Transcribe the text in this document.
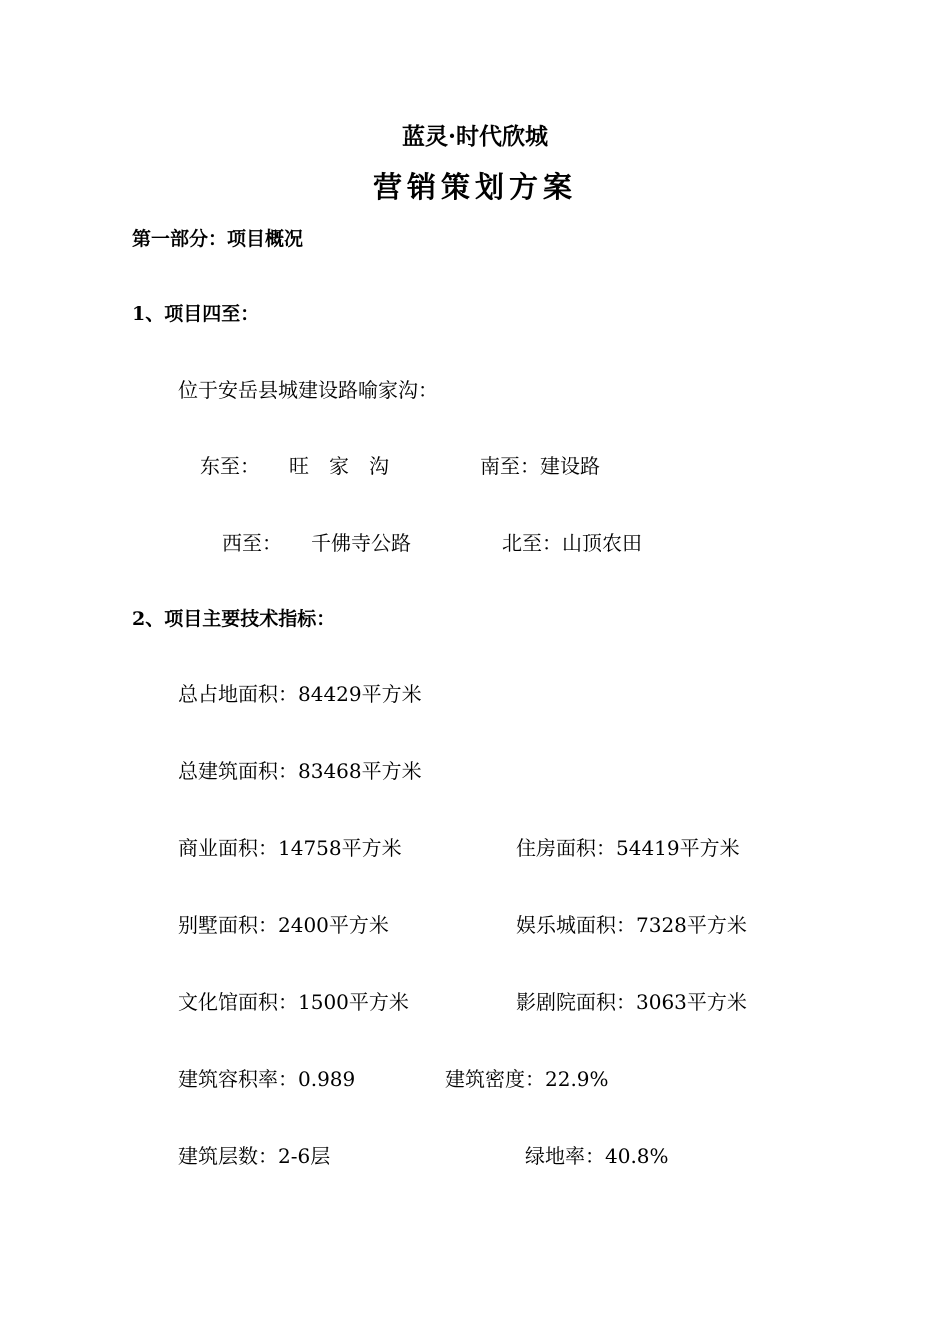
蓝灵·时代欣城
营销策划方案
第一部分：项目概况
1、项目四至：
位于安岳县城建设路喻家沟：
东至： 旺　家　沟	南至：建设路
西至： 千佛寺公路	北至：山顶农田
2、项目主要技术指标：
总占地面积：84429平方米
总建筑面积：83468平方米
商业面积：14758平方米	住房面积：54419平方米
别墅面积：2400平方米	娱乐城面积：7328平方米
文化馆面积：1500平方米	影剧院面积：3063平方米
建筑容积率：0.989	建筑密度：22.9%
建筑层数：2-6层	绿地率：40.8%
